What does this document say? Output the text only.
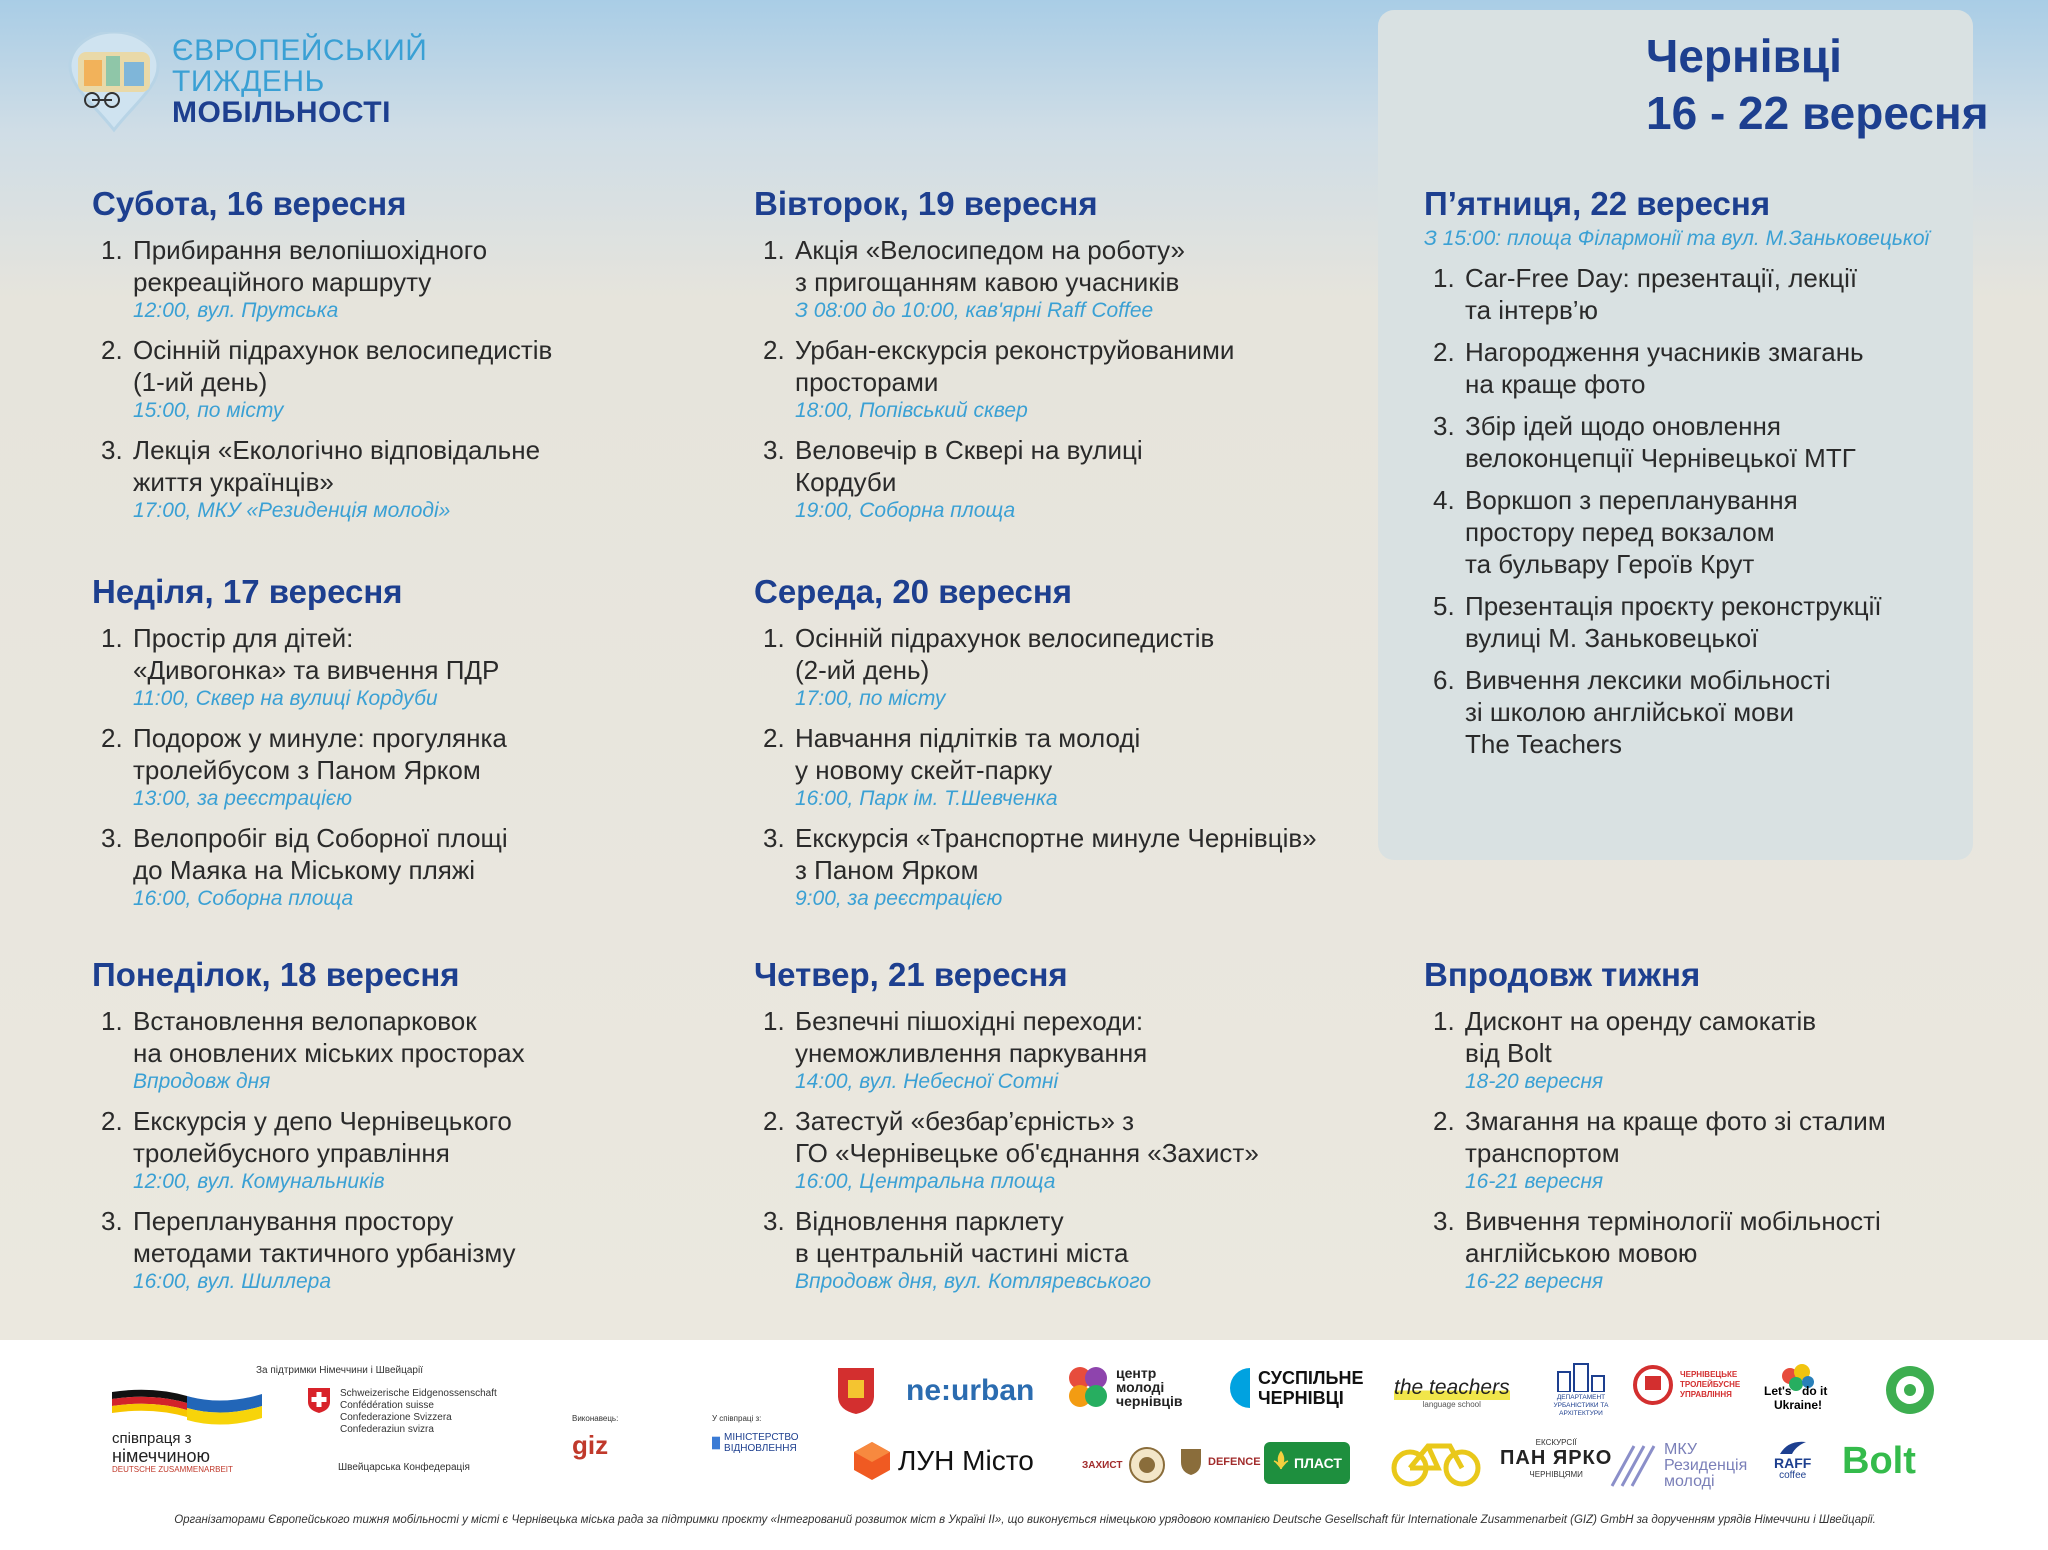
ЄВРОПЕЙСЬКИЙ
ТИЖДЕНЬ
МОБІЛЬНОСТІ
Чернівці
16 - 22 вересня
Субота, 16 вересня
1. Прибирання велопішохідного
рекреаційного маршруту
12:00, вул. Прутська
2. Осінній підрахунок велосипедистів
(1-ий день)
15:00, по місту
3. Лекція «Екологічно відповідальне
життя українців»
17:00, МКУ «Резиденція молоді»
Неділя, 17 вересня
1. Простір для дітей:
«Дивогонка» та вивчення ПДР
11:00, Сквер на вулиці Кордуби
2. Подорож у минуле: прогулянка
тролейбусом з Паном Ярком
13:00, за реєстрацією
3. Велопробіг від Соборної площі
до Маяка на Міському пляжі
16:00, Соборна площа
Понеділок, 18 вересня
1. Встановлення велопарковок
на оновлених міських просторах
Впродовж дня
2. Екскурсія у депо Чернівецького
тролейбусного управління
12:00, вул. Комунальників
3. Перепланування простору
методами тактичного урбанізму
16:00, вул. Шиллера
Вівторок, 19 вересня
1. Акція «Велосипедом на роботу»
з пригощанням кавою учасників
З 08:00 до 10:00, кав'ярні Raff Coffee
2. Урбан-екскурсія реконструйованими
просторами
18:00, Попівський сквер
3. Веловечір в Сквері на вулиці
Кордуби
19:00, Соборна площа
Середа, 20 вересня
1. Осінній підрахунок велосипедистів
(2-ий день)
17:00, по місту
2. Навчання підлітків та молоді
у новому скейт-парку
16:00, Парк ім. Т.Шевченка
3. Екскурсія «Транспортне минуле Чернівців»
з Паном Ярком
9:00, за реєстрацією
Четвер, 21 вересня
1. Безпечні пішохідні переходи:
унеможливлення паркування
14:00, вул. Небесної Сотні
2. Затестуй «безбар’єрність» з
ГО «Чернівецьке об'єднання «Захист»
16:00, Центральна площа
3. Відновлення парклету
в центральній частині міста
Впродовж дня, вул. Котляревського
П’ятниця, 22 вересня
З 15:00: площа Філармонії та вул. М.Заньковецької
1. Car-Free Day: презентації, лекції
та інтерв’ю
2. Нагородження учасників змагань
на краще фото
3. Збір ідей щодо оновлення
велоконцепції Чернівецької МТГ
4. Воркшоп з перепланування
простору перед вокзалом
та бульвару Героїв Крут
5. Презентація проєкту реконструкції
вулиці М. Заньковецької
6. Вивчення лексики мобільності
зі школою англійської мови
The Teachers
Впродовж тижня
1. Дисконт на оренду самокатів
від Bolt
18-20 вересня
2. Змагання на краще фото зі сталим
транспортом
16-21 вересня
3. Вивчення термінології мобільності
англійською мовою
16-22 вересня
співпраця з
німеччиною
DEUTSCHE ZUSAMMENARBEIT
За підтримки Німеччини і Швейцарії
Schweizerische Eidgenossenschaft
Confédération suisse
Confederazione Svizzera
Confederaziun svizra
Швейцарська Конфедерація
Виконавець:
giz
У співпраці з:
МІНІСТЕРСТВО ВІДНОВЛЕННЯ
ne:urban
центр
молоді
чернівців
СУСПІЛЬНЕ
ЧЕРНІВЦІ	the teachers
language school
ДЕПАРТАМЕНТ УРБАНІСТИКИ ТА АРХІТЕКТУРИ
ЧЕРНІВЕЦЬКЕ ТРОЛЕЙБУСНЕ УПРАВЛІННЯ	Let's do it
Ukraine!
ЛУН Місто	ЗАХИСТ	DEFENCE ПЛАСТ
ЕКСКУРСІЇ
ПАН ЯРКО
ЧЕРНІВЦЯМИ
МКУ
Резиденція
молоді
RAFF
coffee Bolt
Організаторами Європейського тижня мобільності у місті є Чернівецька міська рада за підтримки проєкту «Інтегрований розвиток міст в Україні ІІ», що виконується німецькою урядовою компанією Deutsche Gesellschaft für Internationale Zusammenarbeit (GIZ) GmbH за дорученням урядів Німеччини і Швейцарії.
